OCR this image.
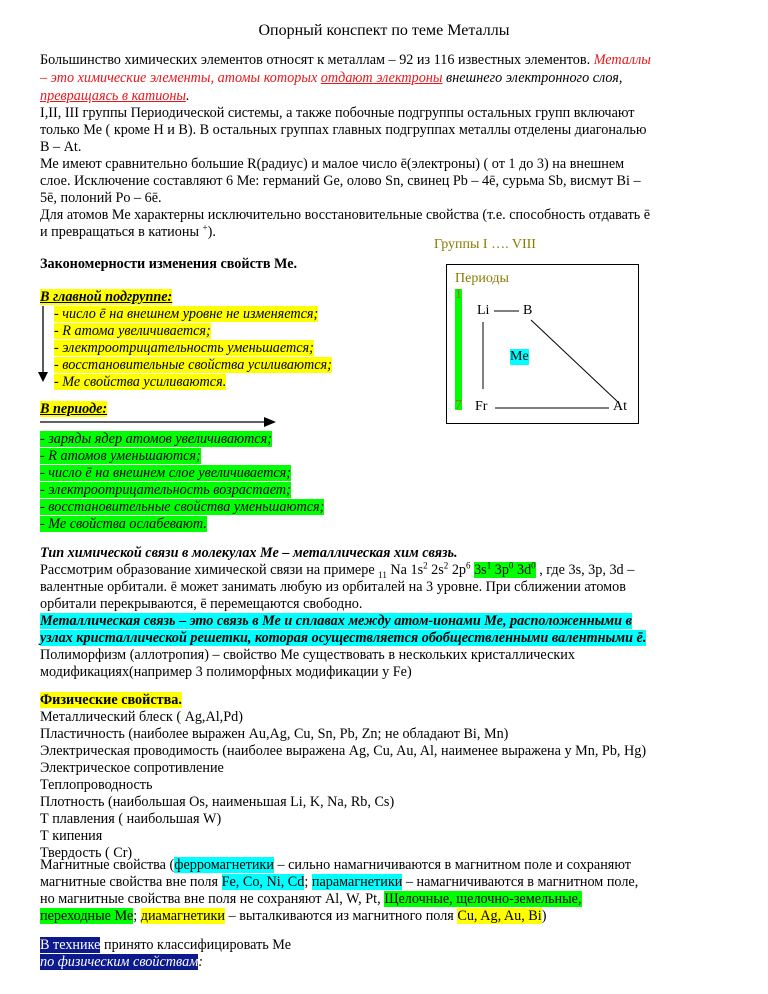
Опорный конспект по теме Металлы
Большинство химических элементов относят к металлам – 92 из 116 известных элементов. Металлы
– это химические элементы, атомы которых отдают электроны внешнего электронного слоя,
превращаясь в катионы.
I,II, III группы Периодической системы, а также побочные подгруппы остальных групп включают
только Ме ( кроме Н и В). В остальных группах главных подгруппах металлы отделены диагональю
В – At.
Ме имеют сравнительно большие R(радиус) и малое число ē(электроны) ( от 1 до 3) на внешнем
слое. Исключение составляют 6 Ме: германий Ge, олово Sn, свинец Pb – 4ē, сурьма Sb, висмут Bi –
5ē, полоний Po – 6ē.
Для атомов Ме характерны исключительно восстановительные свойства (т.е. способность отдавать ē
и превращаться в катионы +).
Группы I …. VIII
Закономерности изменения свойств Ме.
В главной подгруппе:
- число ē на внешнем уровне не изменяется;
- R атома увеличивается;
- электроотрицательность уменьшается;
- восстановительные свойства усиливаются;
- Ме свойства усиливаются.
В периоде:
- заряды ядер атомов увеличиваются;
- R атомов уменьшаются;
- число ē на внешнем слое увеличивается;
- электроотрицательность возрастает;
- восстановительные свойства уменьшаются;
- Ме свойства ослабевают.
Периоды
1
7
Li B
Me
Fr	At
Тип химической связи в молекулах Ме – металлическая хим связь.
Рассмотрим образование химической связи на примере $_{11}$ Na $1s^2$ $2s^2$ $2p^6$ $3s^1$ $3p^0$ $3d^0$ , где 3s, 3p, 3d –
валентные орбитали. ē может занимать любую из орбиталей на 3 уровне. При сближении атомов
орбитали перекрываются, ē перемещаются свободно.
Металлическая связь – это связь в Ме и сплавах между атом-ионами Ме, расположенными в
узлах кристаллической решетки, которая осуществляется обобществленными валентными ē.
Полиморфизм (аллотропия) – свойство Ме существовать в нескольких кристаллических
модификациях(например 3 полиморфных модификации у Fe)
Физические свойства.
Металлический блеск ( Ag,Al,Pd)
Пластичность (наиболее выражен Au,Ag, Cu, Sn, Pb, Zn; не обладают Bi, Mn)
Электрическая проводимость (наиболее выражена Ag, Cu, Au, Al, наименее выражена у Mn, Pb, Hg)
Электрическое сопротивление
Теплопроводность
Плотность (наибольшая Os, наименьшая Li, K, Na, Rb, Cs)
Т плавления ( наибольшая W)
Т кипения
Твердость ( Cr)
Магнитные свойства (ферромагнетики – сильно намагничиваются в магнитном поле и сохраняют
магнитные свойства вне поля Fe, Co, Ni, Cd; парамагнетики – намагничиваются в магнитном поле,
но магнитные свойства вне поля не сохраняют Al, W, Pt, Щелочные, щелочно-земельные,
переходные Ме; диамагнетики – выталкиваются из магнитного поля Cu, Ag, Au, Bi)
В технике принято классифицировать Ме
по физическим свойствам:
